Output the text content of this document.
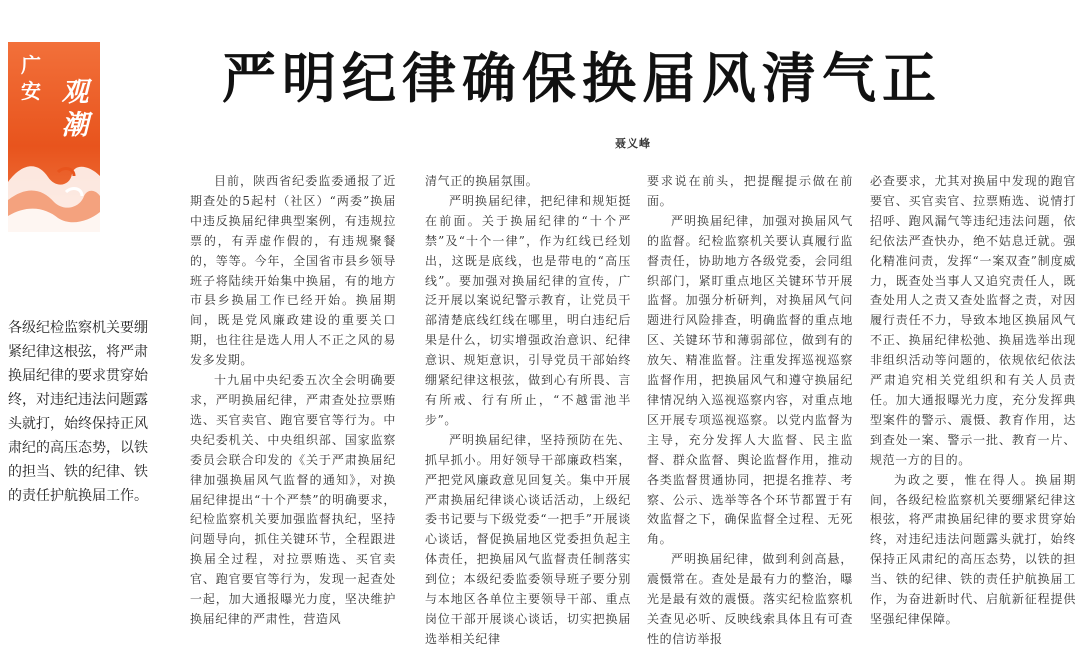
广安 观潮
严明纪律确保换届风清气正
聂义峰
各级纪检监察机关要绷紧纪律这根弦，将严肃换届纪律的要求贯穿始终，对违纪违法问题露头就打，始终保持正风肃纪的高压态势，以铁的担当、铁的纪律、铁的责任护航换届工作。

目前，陕西省纪委监委通报了近期查处的5起村（社区）“两委”换届中违反换届纪律典型案例，有违规拉票的，有弄虚作假的，有违规聚餐的，等等。今年，全国省市县乡领导班子将陆续开始集中换届，有的地方市县乡换届工作已经开始。换届期间，既是党风廉政建设的重要关口期，也往往是选人用人不正之风的易发多发期。

十九届中央纪委五次全会明确要求，严明换届纪律，严肃查处拉票贿选、买官卖官、跑官要官等行为。中央纪委机关、中央组织部、国家监察委员会联合印发的《关于严肃换届纪律加强换届风气监督的通知》，对换届纪律提出“十个严禁”的明确要求，纪检监察机关要加强监督执纪，坚持问题导向，抓住关键环节，全程跟进换届全过程，对拉票贿选、买官卖官、跑官要官等行为，发现一起查处一起，加大通报曝光力度，坚决维护换届纪律的严肃性，营造风

清气正的换届氛围。

严明换届纪律，把纪律和规矩挺在前面。关于换届纪律的“十个严禁”及“十个一律”，作为红线已经划出，这既是底线，也是带电的“高压线”。要加强对换届纪律的宣传，广泛开展以案说纪警示教育，让党员干部清楚底线红线在哪里，明白违纪后果是什么，切实增强政治意识、纪律意识、规矩意识，引导党员干部始终绷紧纪律这根弦，做到心有所畏、言有所戒、行有所止，“不越雷池半步”。

严明换届纪律，坚持预防在先、抓早抓小。用好领导干部廉政档案，严把党风廉政意见回复关。集中开展严肃换届纪律谈心谈话活动，上级纪委书记要与下级党委“一把手”开展谈心谈话，督促换届地区党委担负起主体责任，把换届风气监督责任制落实到位；本级纪委监委领导班子要分别与本地区各单位主要领导干部、重点岗位干部开展谈心谈话，切实把换届选举相关纪律

要求说在前头，把提醒提示做在前面。

严明换届纪律，加强对换届风气的监督。纪检监察机关要认真履行监督责任，协助地方各级党委，会同组织部门，紧盯重点地区关键环节开展监督。加强分析研判，对换届风气问题进行风险排查，明确监督的重点地区、关键环节和薄弱部位，做到有的放矢、精准监督。注重发挥巡视巡察监督作用，把换届风气和遵守换届纪律情况纳入巡视巡察内容，对重点地区开展专项巡视巡察。以党内监督为主导，充分发挥人大监督、民主监督、群众监督、舆论监督作用，推动各类监督贯通协同，把提名推荐、考察、公示、选举等各个环节都置于有效监督之下，确保监督全过程、无死角。

严明换届纪律，做到利剑高悬，震慑常在。查处是最有力的整治，曝光是最有效的震慑。落实纪检监察机关查见必听、反映线索具体且有可查性的信访举报

必查要求，尤其对换届中发现的跑官要官、买官卖官、拉票贿选、说情打招呼、跑风漏气等违纪违法问题，依纪依法严查快办，绝不姑息迁就。强化精准问责，发挥“一案双查”制度威力，既查处当事人又追究责任人，既查处用人之责又查处监督之责，对因履行责任不力，导致本地区换届风气不正、换届纪律松弛、换届选举出现非组织活动等问题的，依规依纪依法严肃追究相关党组织和有关人员责任。加大通报曝光力度，充分发挥典型案件的警示、震慑、教育作用，达到查处一案、警示一批、教育一片、规范一方的目的。

为政之要，惟在得人。换届期间，各级纪检监察机关要绷紧纪律这根弦，将严肃换届纪律的要求贯穿始终，对违纪违法问题露头就打，始终保持正风肃纪的高压态势，以铁的担当、铁的纪律、铁的责任护航换届工作，为奋进新时代、启航新征程提供坚强纪律保障。
